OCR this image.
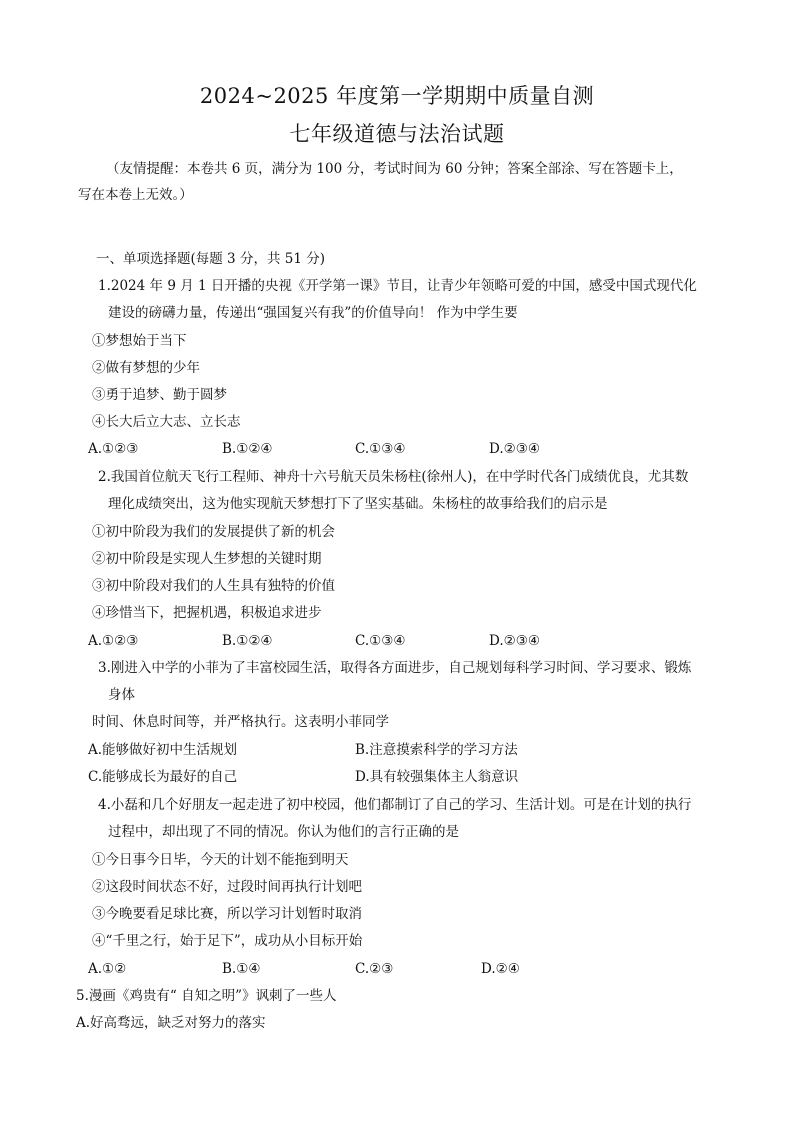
2024~2025 年度第一学期期中质量自测
七年级道德与法治试题
（友情提醒：本卷共 6 页，满分为 100 分，考试时间为 60 分钟；答案全部涂、写在答题卡上，
写在本卷上无效。）
一、单项选择题(每题 3 分，共 51 分)
1.2024 年 9 月 1 日开播的央视《开学第一课》节目，让青少年领略可爱的中国，感受中国式现代化
建设的磅礴力量，传递出“强国复兴有我”的价值导向！ 作为中学生要
①梦想始于当下
②做有梦想的少年
③勇于追梦、勤于圆梦
④长大后立大志、立长志
A.①②③	B.①②④	C.①③④	D.②③④
2.我国首位航天飞行工程师、神舟十六号航天员朱杨柱(徐州人)，在中学时代各门成绩优良，尤其数
理化成绩突出，这为他实现航天梦想打下了坚实基础。朱杨柱的故事给我们的启示是
①初中阶段为我们的发展提供了新的机会
②初中阶段是实现人生梦想的关键时期
③初中阶段对我们的人生具有独特的价值
④珍惜当下，把握机遇，积极追求进步
A.①②③	B.①②④	C.①③④	D.②③④
3.刚进入中学的小菲为了丰富校园生活，取得各方面进步，自己规划每科学习时间、学习要求、锻炼
身体
时间、休息时间等，并严格执行。这表明小菲同学
A.能够做好初中生活规划	B.注意摸索科学的学习方法
C.能够成长为最好的自己	D.具有较强集体主人翁意识
4.小磊和几个好朋友一起走进了初中校园，他们都制订了自己的学习、生活计划。可是在计划的执行
过程中，却出现了不同的情况。你认为他们的言行正确的是
①今日事今日毕，今天的计划不能拖到明天
②这段时间状态不好，过段时间再执行计划吧
③今晚要看足球比赛，所以学习计划暂时取消
④“千里之行，始于足下”，成功从小目标开始
A.①②	B.①④	C.②③	D.②④
5.漫画《鸡贵有“ 自知之明”》讽刺了一些人
A.好高骛远，缺乏对努力的落实
